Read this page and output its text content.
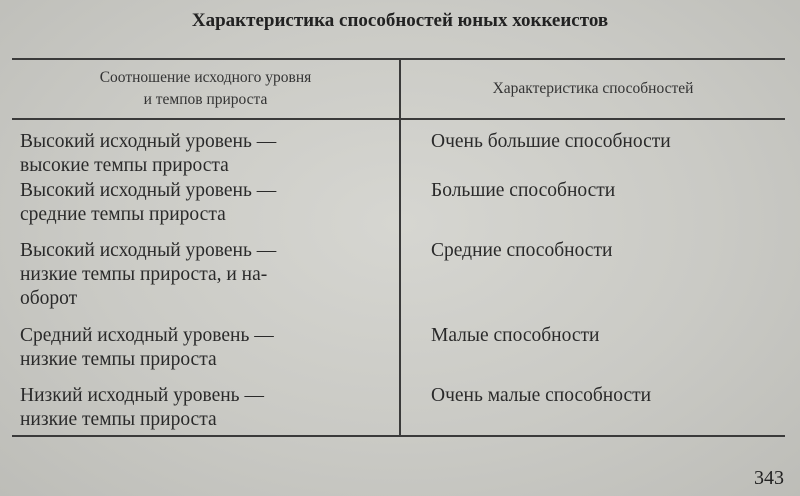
Характеристика способностей юных хоккеистов
Соотношение исходного уровня
и темпов прироста	Характеристика способностей
Высокий исходный уровень —
высокие темпы прироста	Очень большие способности
Высокий исходный уровень —
средние темпы прироста	Большие способности
Высокий исходный уровень —
низкие темпы прироста, и на-
оборот	Средние способности
Средний исходный уровень —
низкие темпы прироста	Малые способности
Низкий исходный уровень —
низкие темпы прироста	Очень малые способности
343
